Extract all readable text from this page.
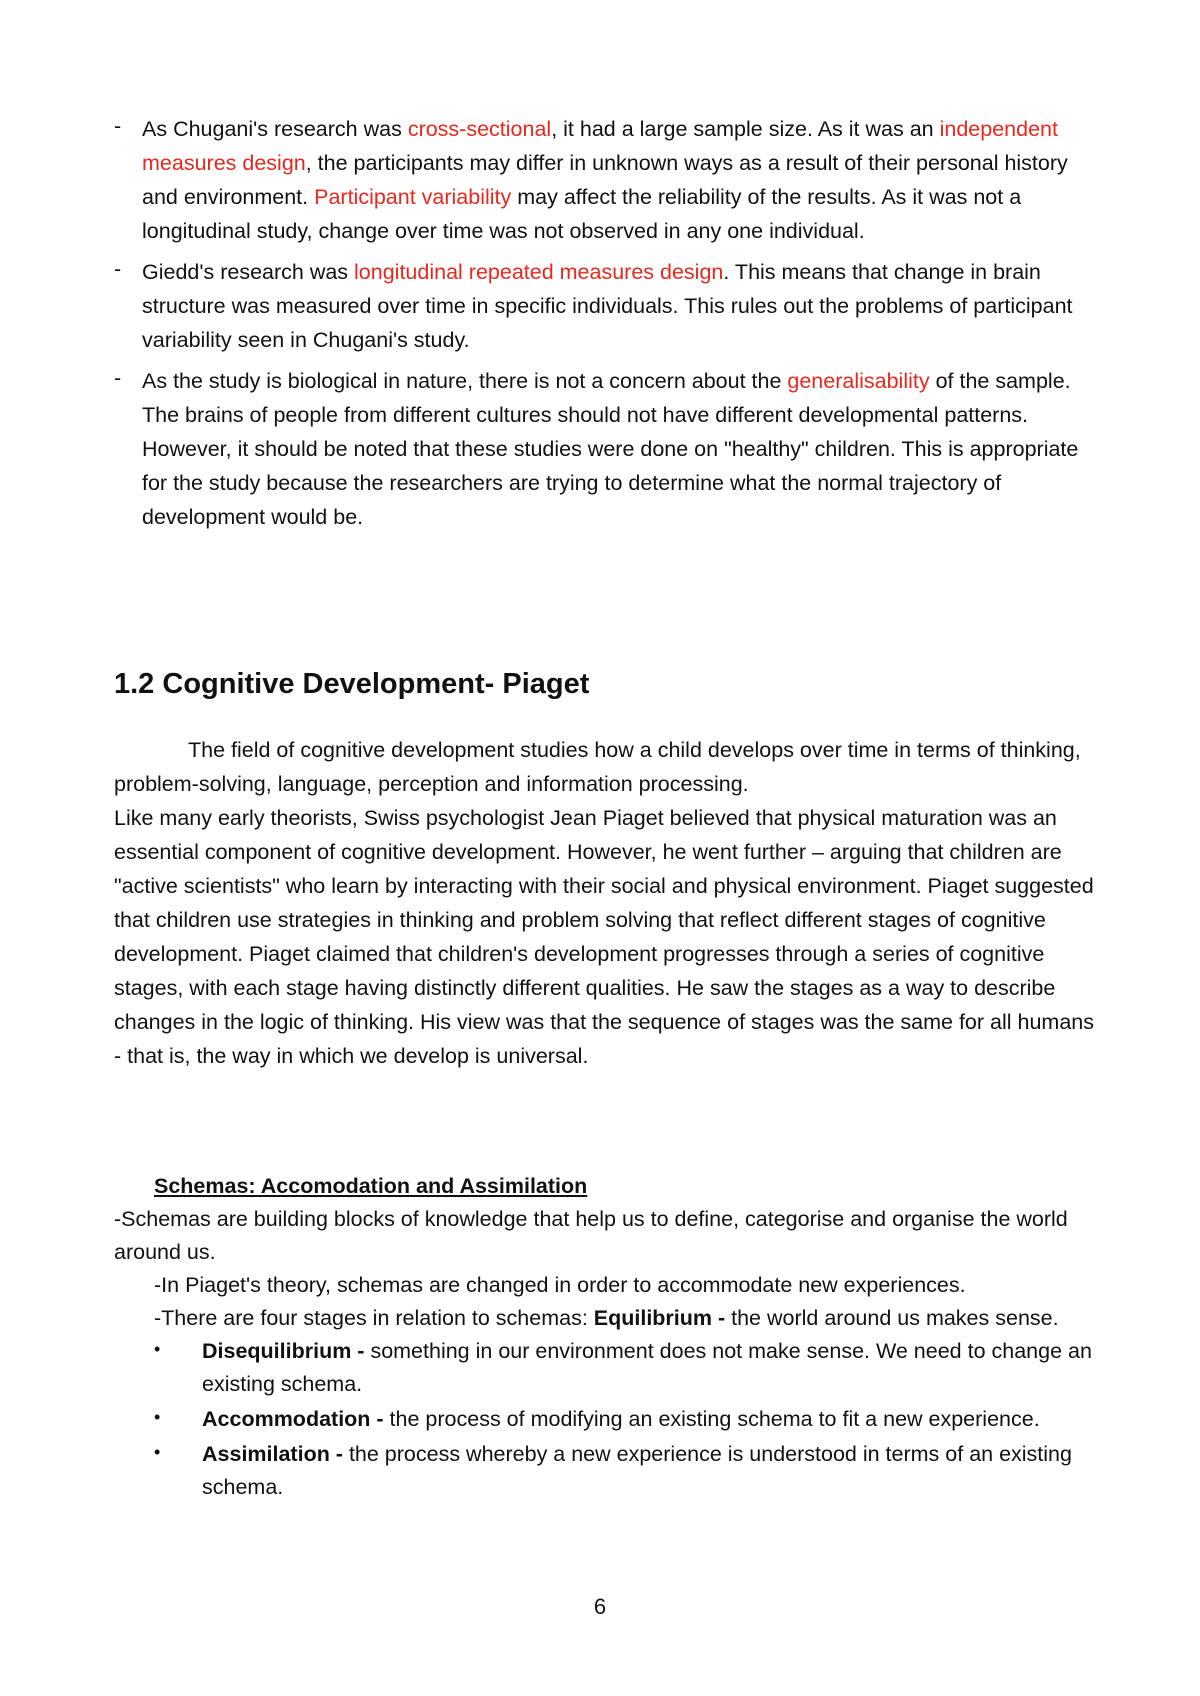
- As Chugani's research was cross-sectional, it had a large sample size. As it was an independent measures design, the participants may differ in unknown ways as a result of their personal history and environment. Participant variability may affect the reliability of the results. As it was not a longitudinal study, change over time was not observed in any one individual.
- Giedd's research was longitudinal repeated measures design. This means that change in brain structure was measured over time in specific individuals. This rules out the problems of participant variability seen in Chugani's study.
- As the study is biological in nature, there is not a concern about the generalisability of the sample. The brains of people from different cultures should not have different developmental patterns. However, it should be noted that these studies were done on "healthy" children. This is appropriate for the study because the researchers are trying to determine what the normal trajectory of development would be.
1.2 Cognitive Development- Piaget

The field of cognitive development studies how a child develops over time in terms of thinking, problem-solving, language, perception and information processing.
Like many early theorists, Swiss psychologist Jean Piaget believed that physical maturation was an essential component of cognitive development. However, he went further – arguing that children are "active scientists" who learn by interacting with their social and physical environment. Piaget suggested that children use strategies in thinking and problem solving that reflect different stages of cognitive development. Piaget claimed that children's development progresses through a series of cognitive stages, with each stage having distinctly different qualities. He saw the stages as a way to describe changes in the logic of thinking. His view was that the sequence of stages was the same for all humans - that is, the way in which we develop is universal.

Schemas: Accomodation and Assimilation

-Schemas are building blocks of knowledge that help us to define, categorise and organise the world around us.

-In Piaget's theory, schemas are changed in order to accommodate new experiences.

-There are four stages in relation to schemas: Equilibrium - the world around us makes sense.

• Disequilibrium - something in our environment does not make sense. We need to change an existing schema.
• Accommodation - the process of modifying an existing schema to fit a new experience.
• Assimilation - the process whereby a new experience is understood in terms of an existing schema.
6
